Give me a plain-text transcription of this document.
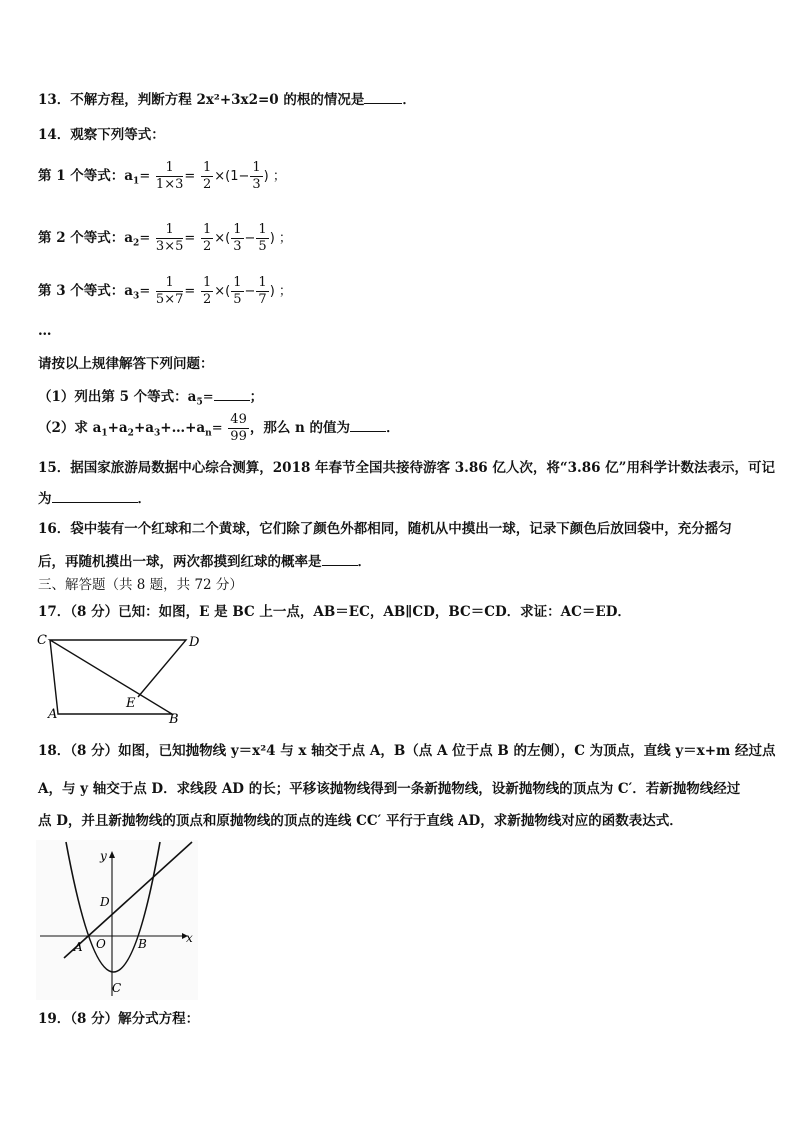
13．不解方程，判断方程 2x²+3x2=0 的根的情况是	．
14．观察下列等式：
第 1 个等式：$a_1= \frac{1}{1\times 3} = \frac{1}{2} \times(1- \frac{1}{3}$ ) ；
第 2 个等式：$a_2= \frac{1}{3\times 5} = \frac{1}{2}$ ×( $\frac{1}{3} - \frac{1}{5}$ ) ；
第 3 个等式：$a_3= \frac{1}{5\times 7} = \frac{1}{2}$ ×( $\frac{1}{5} - \frac{1}{7}$ ) ；
…
请按以上规律解答下列问题：
（1）列出第 5 个等式：$a_5=$	；
（2）求 $a_1+a_2+a_3+\dots+a_n= \frac{49}{99}$ ，那么 n 的值为	．
15．据国家旅游局数据中心综合测算，2018 年春节全国共接待游客 3.86 亿人次，将“3.86 亿”用科学计数法表示，可记
为	．
16．袋中装有一个红球和二个黄球，它们除了颜色外都相同，随机从中摸出一球，记录下颜色后放回袋中，充分摇匀
后，再随机摸出一球，两次都摸到红球的概率是	．
三、解答题（共 8 题，共 72 分）
17．（8 分）已知：如图，E 是 BC 上一点，AB＝EC，AB∥CD，BC＝CD．求证：AC＝ED．
C	D
A
E
B
18．（8 分）如图，已知抛物线 y＝x²4 与 x 轴交于点 A，B（点 A 位于点 B 的左侧），C 为顶点，直线 y＝x+m 经过点
A，与 y 轴交于点 D．求线段 AD 的长；平移该抛物线得到一条新抛物线，设新抛物线的顶点为 C′．若新抛物线经过
点 D，并且新抛物线的顶点和原抛物线的顶点的连线 CC′ 平行于直线 AD，求新抛物线对应的函数表达式．
y
x
D
A O	B
C
19．（8 分）解分式方程：
